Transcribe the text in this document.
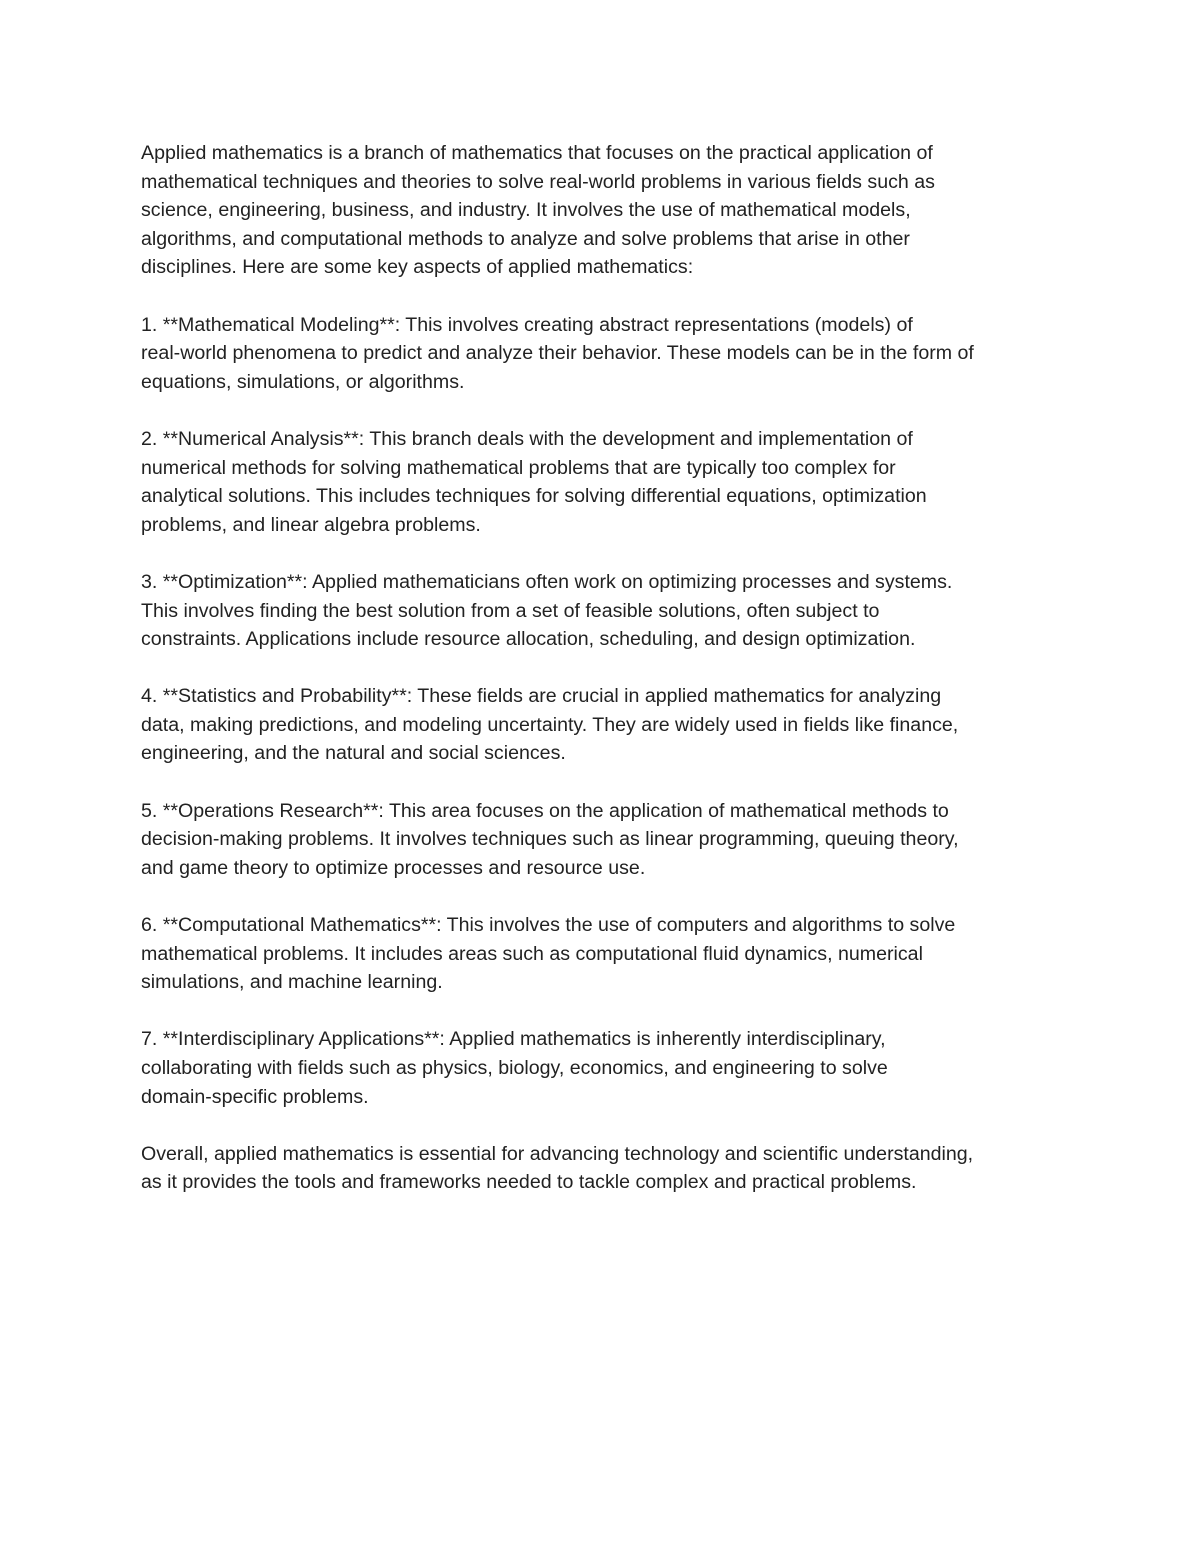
Applied mathematics is a branch of mathematics that focuses on the practical application of
mathematical techniques and theories to solve real-world problems in various fields such as
science, engineering, business, and industry. It involves the use of mathematical models,
algorithms, and computational methods to analyze and solve problems that arise in other
disciplines. Here are some key aspects of applied mathematics:
1. **Mathematical Modeling**: This involves creating abstract representations (models) of
real-world phenomena to predict and analyze their behavior. These models can be in the form of
equations, simulations, or algorithms.
2. **Numerical Analysis**: This branch deals with the development and implementation of
numerical methods for solving mathematical problems that are typically too complex for
analytical solutions. This includes techniques for solving differential equations, optimization
problems, and linear algebra problems.
3. **Optimization**: Applied mathematicians often work on optimizing processes and systems.
This involves finding the best solution from a set of feasible solutions, often subject to
constraints. Applications include resource allocation, scheduling, and design optimization.
4. **Statistics and Probability**: These fields are crucial in applied mathematics for analyzing
data, making predictions, and modeling uncertainty. They are widely used in fields like finance,
engineering, and the natural and social sciences.
5. **Operations Research**: This area focuses on the application of mathematical methods to
decision-making problems. It involves techniques such as linear programming, queuing theory,
and game theory to optimize processes and resource use.
6. **Computational Mathematics**: This involves the use of computers and algorithms to solve
mathematical problems. It includes areas such as computational fluid dynamics, numerical
simulations, and machine learning.
7. **Interdisciplinary Applications**: Applied mathematics is inherently interdisciplinary,
collaborating with fields such as physics, biology, economics, and engineering to solve
domain-specific problems.
Overall, applied mathematics is essential for advancing technology and scientific understanding,
as it provides the tools and frameworks needed to tackle complex and practical problems.
